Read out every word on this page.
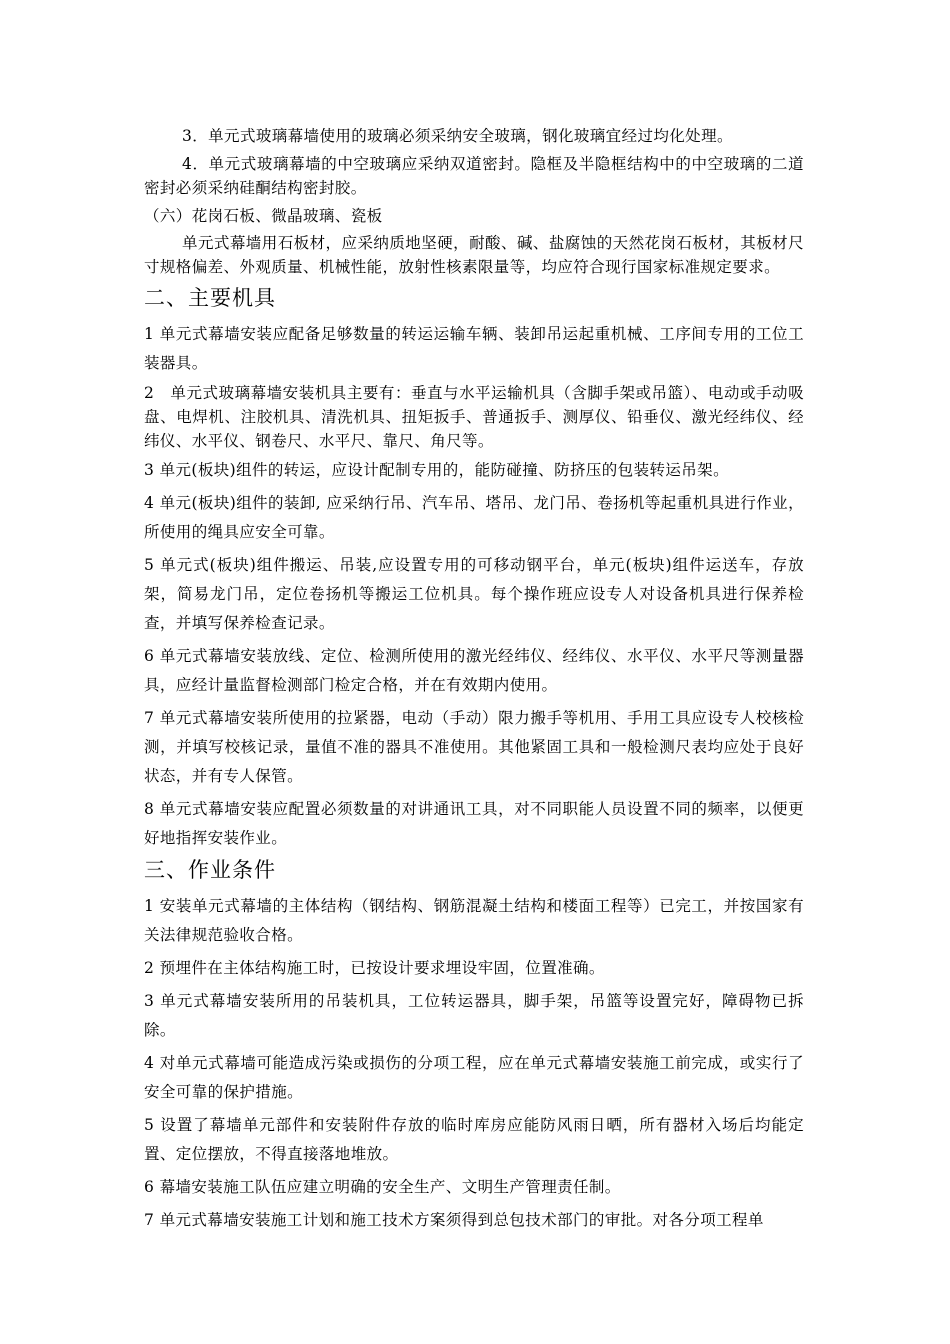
3．单元式玻璃幕墙使用的玻璃必须采纳安全玻璃，钢化玻璃宜经过均化处理。

4．单元式玻璃幕墙的中空玻璃应采纳双道密封。隐框及半隐框结构中的中空玻璃的二道密封必须采纳硅酮结构密封胶。

（六）花岗石板、微晶玻璃、瓷板

单元式幕墙用石板材，应采纳质地坚硬，耐酸、碱、盐腐蚀的天然花岗石板材，其板材尺寸规格偏差、外观质量、机械性能，放射性核素限量等，均应符合现行国家标准规定要求。

二、主要机具

1 单元式幕墙安装应配备足够数量的转运运输车辆、装卸吊运起重机械、工序间专用的工位工装器具。

2　单元式玻璃幕墙安装机具主要有：垂直与水平运输机具（含脚手架或吊篮）、电动或手动吸盘、电焊机、注胶机具、清洗机具、扭矩扳手、普通扳手、测厚仪、铅垂仪、激光经纬仪、经纬仪、水平仪、钢卷尺、水平尺、靠尺、角尺等。

3 单元(板块)组件的转运，应设计配制专用的，能防碰撞、防挤压的包装转运吊架。

4 单元(板块)组件的装卸, 应采纳行吊、汽车吊、塔吊、龙门吊、卷扬机等起重机具进行作业，所使用的绳具应安全可靠。

5 单元式(板块)组件搬运、吊装,应设置专用的可移动钢平台，单元(板块)组件运送车，存放架，简易龙门吊，定位卷扬机等搬运工位机具。每个操作班应设专人对设备机具进行保养检查，并填写保养检查记录。

6 单元式幕墙安装放线、定位、检测所使用的激光经纬仪、经纬仪、水平仪、水平尺等测量器具，应经计量监督检测部门检定合格，并在有效期内使用。

7 单元式幕墙安装所使用的拉紧器，电动（手动）限力搬手等机用、手用工具应设专人校核检测，并填写校核记录，量值不准的器具不准使用。其他紧固工具和一般检测尺表均应处于良好状态，并有专人保管。

8 单元式幕墙安装应配置必须数量的对讲通讯工具，对不同职能人员设置不同的频率，以便更好地指挥安装作业。

三、作业条件

1 安装单元式幕墙的主体结构（钢结构、钢筋混凝土结构和楼面工程等）已完工，并按国家有关法律规范验收合格。

2 预埋件在主体结构施工时，已按设计要求埋设牢固，位置准确。

3 单元式幕墙安装所用的吊装机具，工位转运器具，脚手架，吊篮等设置完好，障碍物已拆除。

4 对单元式幕墙可能造成污染或损伤的分项工程，应在单元式幕墙安装施工前完成，或实行了安全可靠的保护措施。

5 设置了幕墙单元部件和安装附件存放的临时库房应能防风雨日晒，所有器材入场后均能定置、定位摆放，不得直接落地堆放。

6 幕墙安装施工队伍应建立明确的安全生产、文明生产管理责任制。

7 单元式幕墙安装施工计划和施工技术方案须得到总包技术部门的审批。对各分项工程单
